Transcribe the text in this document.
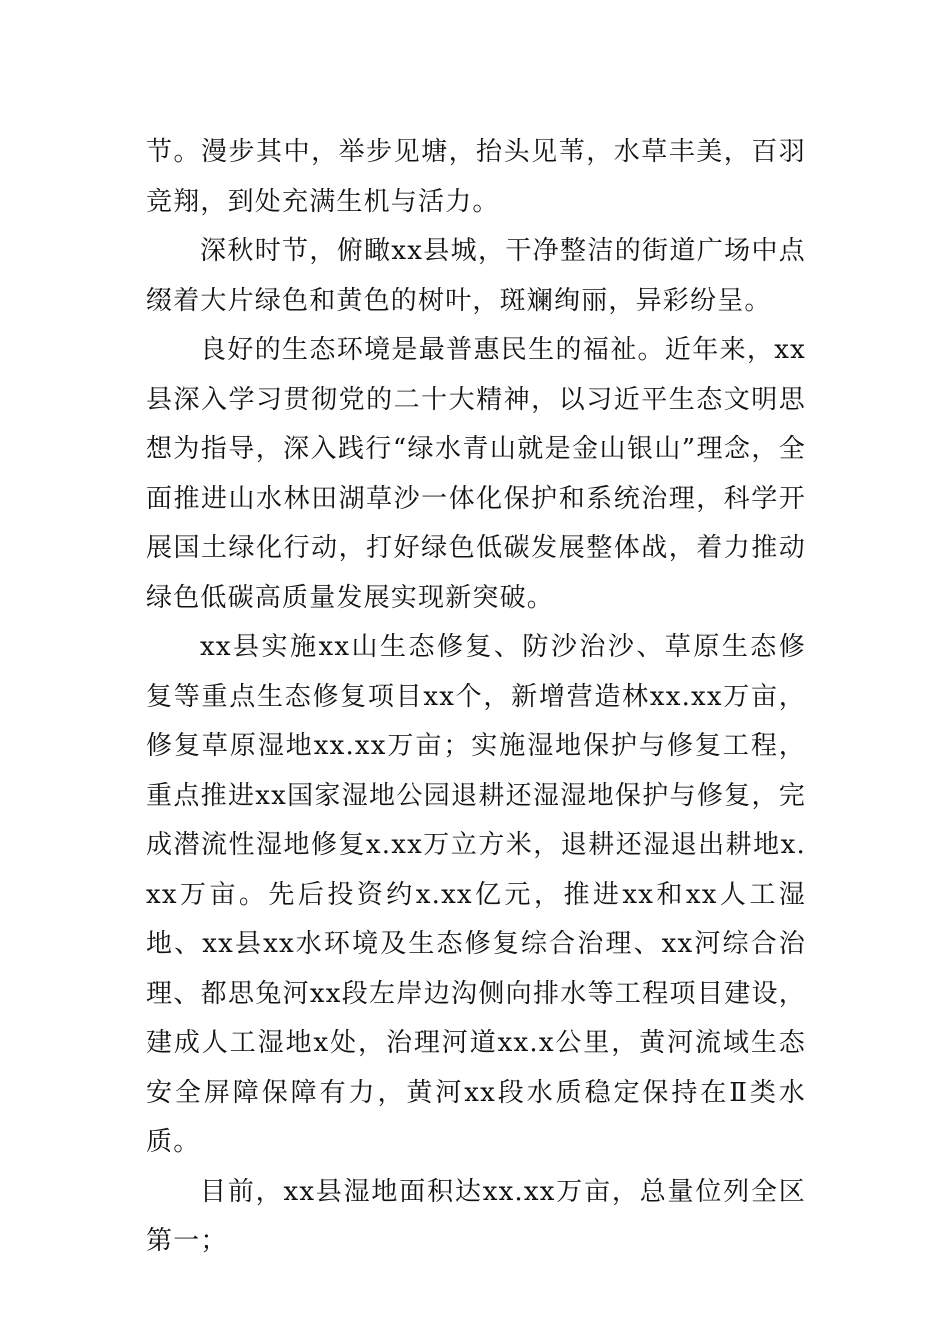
节。漫步其中，举步见塘，抬头见苇，水草丰美，百羽竞翔，到处充满生机与活力。

深秋时节，俯瞰xx县城，干净整洁的街道广场中点缀着大片绿色和黄色的树叶，斑斓绚丽，异彩纷呈。

良好的生态环境是最普惠民生的福祉。近年来，xx县深入学习贯彻党的二十大精神，以习近平生态文明思想为指导，深入践行“绿水青山就是金山银山”理念，全面推进山水林田湖草沙一体化保护和系统治理，科学开展国土绿化行动，打好绿色低碳发展整体战，着力推动绿色低碳高质量发展实现新突破。

xx县实施xx山生态修复、防沙治沙、草原生态修复等重点生态修复项目xx个，新增营造林xx.xx万亩，修复草原湿地xx.xx万亩；实施湿地保护与修复工程，重点推进xx国家湿地公园退耕还湿湿地保护与修复，完成潜流性湿地修复x.xx万立方米，退耕还湿退出耕地x.xx万亩。先后投资约x.xx亿元，推进xx和xx人工湿地、xx县xx水环境及生态修复综合治理、xx河综合治理、都思兔河xx段左岸边沟侧向排水等工程项目建设，建成人工湿地x处，治理河道xx.x公里，黄河流域生态安全屏障保障有力，黄河xx段水质稳定保持在Ⅱ类水质。

目前，xx县湿地面积达xx.xx万亩，总量位列全区第一；
